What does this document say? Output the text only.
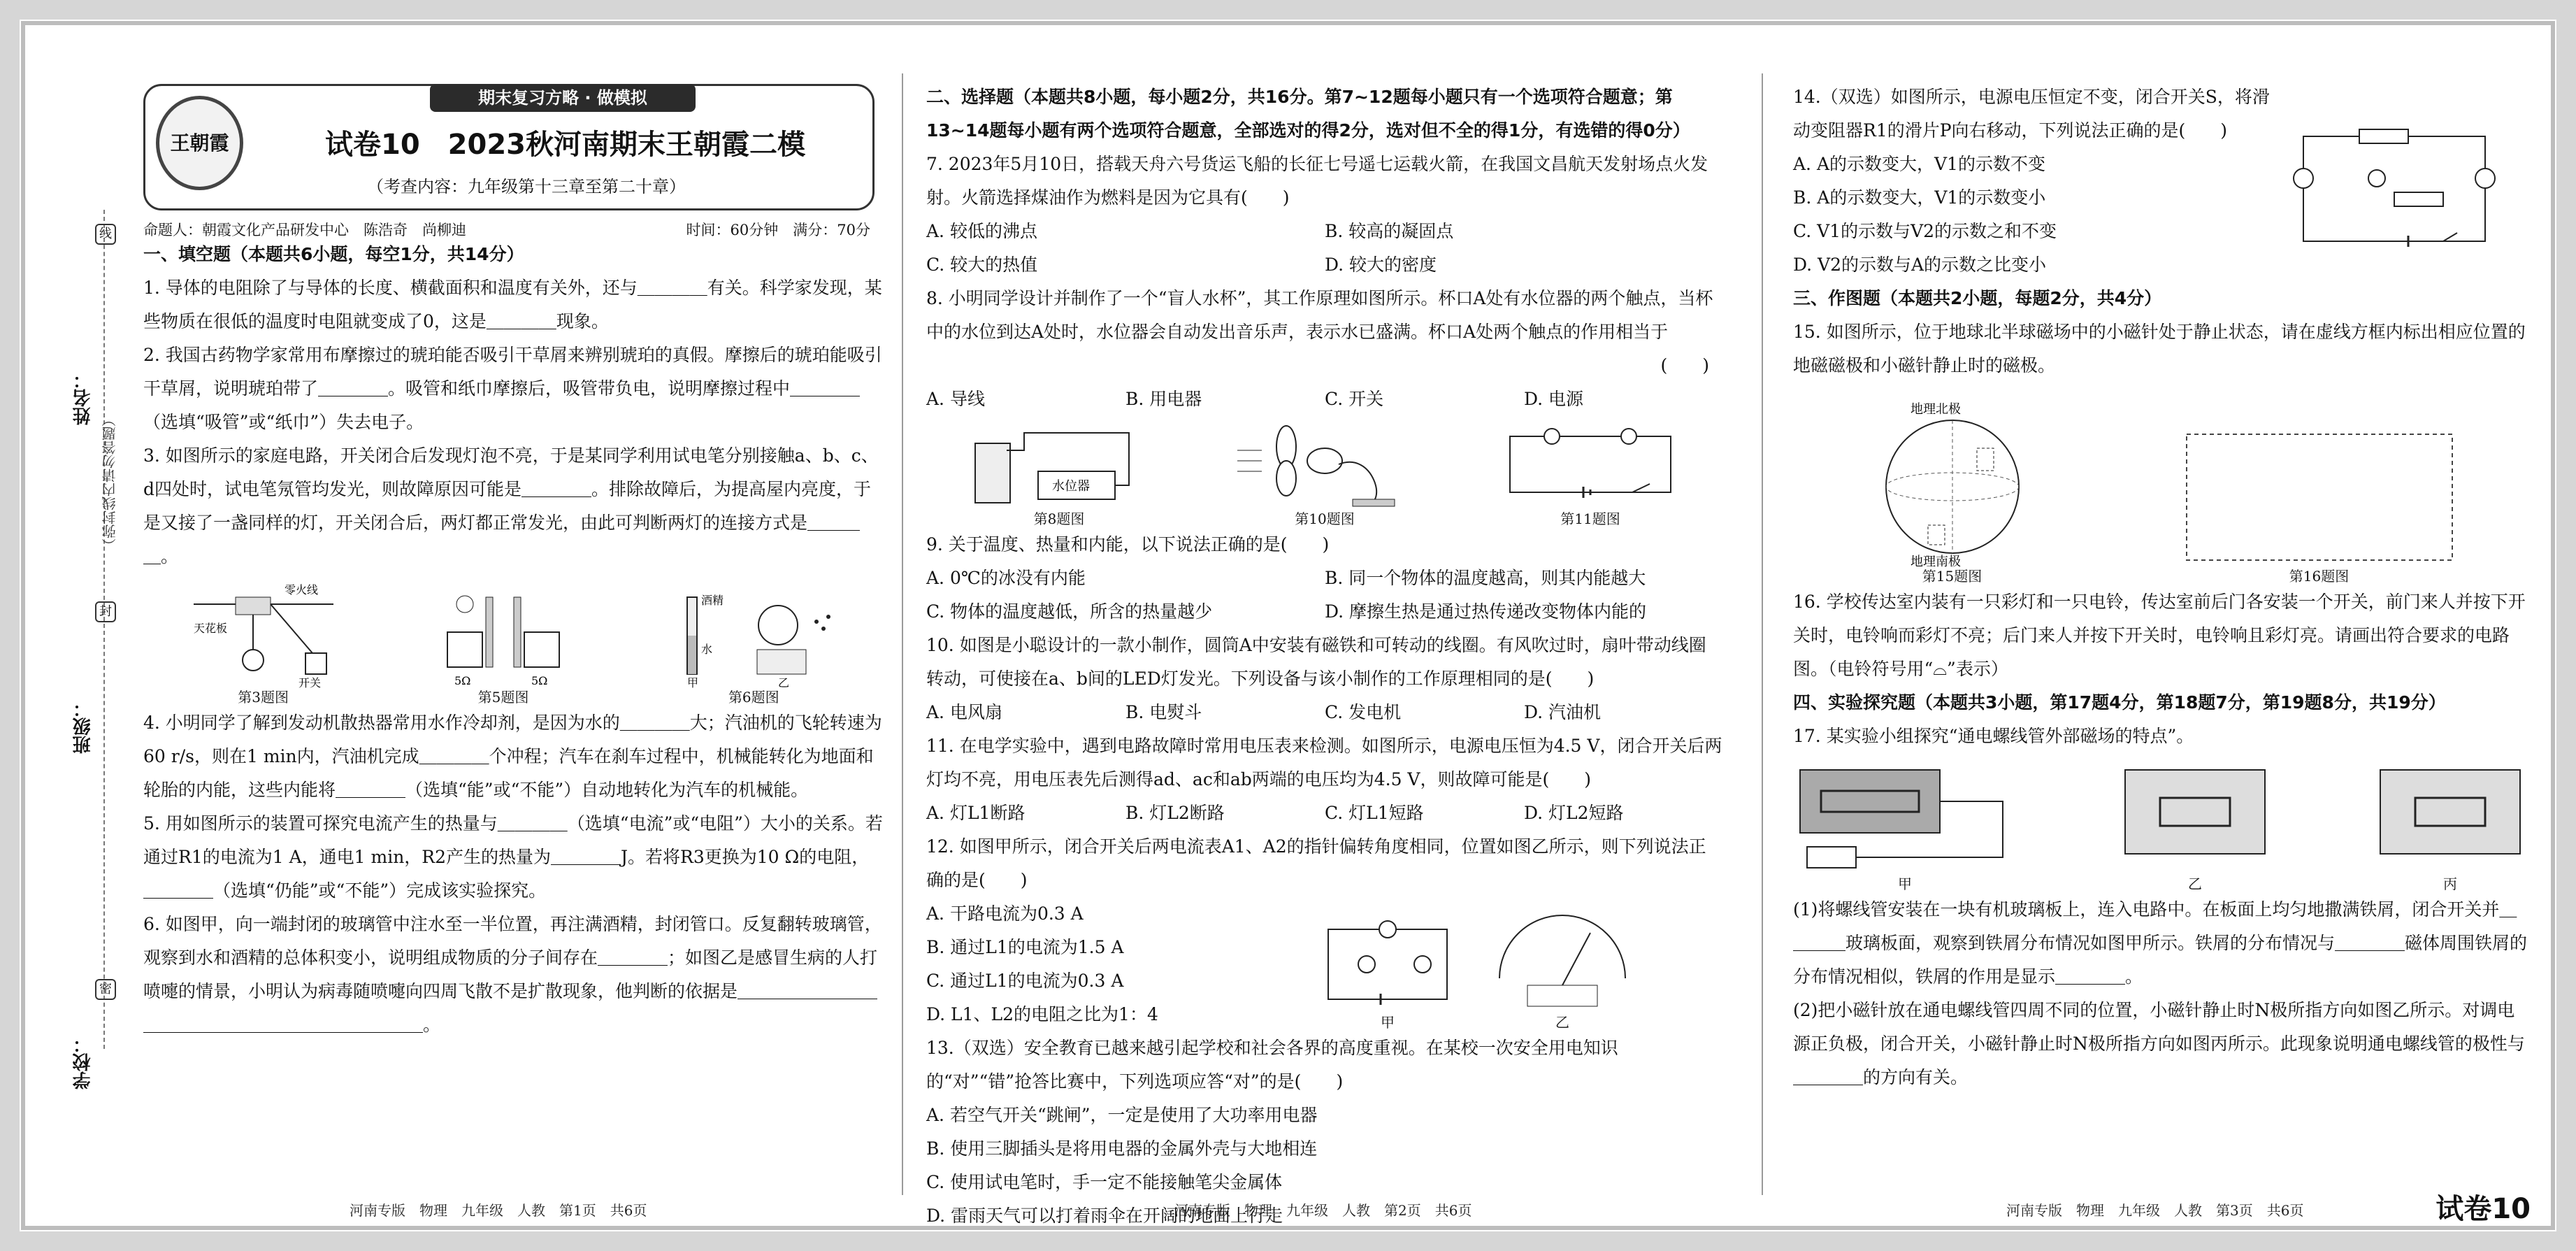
线
封
密
姓名：
（弥封线内请勿答题）
班级：
学校：
期末复习方略 · 做模拟
王朝霞	试卷10　2023秋河南期末王朝霞二模
（考查内容：九年级第十三章至第二十章）
命题人：朝霞文化产品研发中心　陈浩奇　尚柳迪	时间：60分钟　满分：70分
一、填空题（本题共6小题，每空1分，共14分）

1. 导体的电阻除了与导体的长度、横截面积和温度有关外，还与＿＿＿＿有关。科学家发现，某些物质在很低的温度时电阻就变成了0，这是＿＿＿＿现象。

2. 我国古药物学家常用布摩擦过的琥珀能否吸引干草屑来辨别琥珀的真假。摩擦后的琥珀能吸引干草屑，说明琥珀带了＿＿＿＿。吸管和纸巾摩擦后，吸管带负电，说明摩擦过程中＿＿＿＿（选填“吸管”或“纸巾”）失去电子。

3. 如图所示的家庭电路，开关闭合后发现灯泡不亮，于是某同学利用试电笔分别接触a、b、c、d四处时，试电笔氖管均发光，则故障原因可能是＿＿＿＿。排除故障后，为提高屋内亮度，于是又接了一盏同样的灯，开关闭合后，两灯都正常发光，由此可判断两灯的连接方式是＿＿＿＿。

天花板
零火线
开关
第3题图
5Ω	5Ω
第5题图
酒精
水
甲	乙
第6题图

4. 小明同学了解到发动机散热器常用水作冷却剂，是因为水的＿＿＿＿大；汽油机的飞轮转速为60 r/s，则在1 min内，汽油机完成＿＿＿＿个冲程；汽车在刹车过程中，机械能转化为地面和轮胎的内能，这些内能将＿＿＿＿（选填“能”或“不能”）自动地转化为汽车的机械能。

5. 用如图所示的装置可探究电流产生的热量与＿＿＿＿（选填“电流”或“电阻”）大小的关系。若通过R1的电流为1 A，通电1 min，R2产生的热量为＿＿＿＿J。若将R3更换为10 Ω的电阻，＿＿＿＿（选填“仍能”或“不能”）完成该实验探究。

6. 如图甲，向一端封闭的玻璃管中注水至一半位置，再注满酒精，封闭管口。反复翻转玻璃管，观察到水和酒精的总体积变小，说明组成物质的分子间存在＿＿＿＿；如图乙是感冒生病的人打喷嚏的情景，小明认为病毒随喷嚏向四周飞散不是扩散现象，他判断的依据是＿＿＿＿＿＿＿＿＿＿＿＿＿＿＿＿＿＿＿＿＿＿＿＿。

河南专版　物理　九年级　人教　第1页　共6页
二、选择题（本题共8小题，每小题2分，共16分。第7~12题每小题只有一个选项符合题意；第13~14题每小题有两个选项符合题意，全部选对的得2分，选对但不全的得1分，有选错的得0分）

7. 2023年5月10日，搭载天舟六号货运飞船的长征七号遥七运载火箭，在我国文昌航天发射场点火发射。火箭选择煤油作为燃料是因为它具有(　　)

A. 较低的沸点	B. 较高的凝固点
C. 较大的热值	D. 较大的密度

8. 小明同学设计并制作了一个“盲人水杯”，其工作原理如图所示。杯口A处有水位器的两个触点，当杯中的水位到达A处时，水位器会自动发出音乐声，表示水已盛满。杯口A处两个触点的作用相当于

(　　)
A. 导线	B. 用电器	C. 开关	D. 电源
水位器
第8题图	第10题图	第11题图

9. 关于温度、热量和内能，以下说法正确的是(　　)

A. 0℃的冰没有内能	B. 同一个物体的温度越高，则其内能越大
C. 物体的温度越低，所含的热量越少	D. 摩擦生热是通过热传递改变物体内能的

10. 如图是小聪设计的一款小制作，圆筒A中安装有磁铁和可转动的线圈。有风吹过时，扇叶带动线圈转动，可使接在a、b间的LED灯发光。下列设备与该小制作的工作原理相同的是(　　)

A. 电风扇	B. 电熨斗	C. 发电机	D. 汽油机

11. 在电学实验中，遇到电路故障时常用电压表来检测。如图所示，电源电压恒为4.5 V，闭合开关后两灯均不亮，用电压表先后测得ad、ac和ab两端的电压均为4.5 V，则故障可能是(　　)

A. 灯L1断路	B. 灯L2断路	C. 灯L1短路	D. 灯L2短路

12. 如图甲所示，闭合开关后两电流表A1、A2的指针偏转角度相同，位置如图乙所示，则下列说法正确的是(　　)

A. 干路电流为0.3 A
B. 通过L1的电流为1.5 A
C. 通过L1的电流为0.3 A
D. L1、L2的电阻之比为1：4	甲	乙

13.（双选）安全教育已越来越引起学校和社会各界的高度重视。在某校一次安全用电知识的“对”“错”抢答比赛中，下列选项应答“对”的是(　　)

A. 若空气开关“跳闸”，一定是使用了大功率用电器
B. 使用三脚插头是将用电器的金属外壳与大地相连
C. 使用试电笔时，手一定不能接触笔尖金属体
D. 雷雨天气可以打着雨伞在开阔的地面上行走
河南专版　物理　九年级　人教　第2页　共6页

14.（双选）如图所示，电源电压恒定不变，闭合开关S，将滑动变阻器R1的滑片P向右移动，下列说法正确的是(　　)

A. A的示数变大，V1的示数不变
B. A的示数变大，V1的示数变小
C. V1的示数与V2的示数之和不变
D. V2的示数与A的示数之比变小
三、作图题（本题共2小题，每题2分，共4分）

15. 如图所示，位于地球北半球磁场中的小磁针处于静止状态，请在虚线方框内标出相应位置的地磁磁极和小磁针静止时的磁极。

地理北极
地理南极
第15题图	第16题图

16. 学校传达室内装有一只彩灯和一只电铃，传达室前后门各安装一个开关，前门来人并按下开关时，电铃响而彩灯不亮；后门来人并按下开关时，电铃响且彩灯亮。请画出符合要求的电路图。（电铃符号用“⌓”表示）

四、实验探究题（本题共3小题，第17题4分，第18题7分，第19题8分，共19分）

17. 某实验小组探究“通电螺线管外部磁场的特点”。

甲	乙	丙

(1)将螺线管安装在一块有机玻璃板上，连入电路中。在板面上均匀地撒满铁屑，闭合开关并＿＿＿＿玻璃板面，观察到铁屑分布情况如图甲所示。铁屑的分布情况与＿＿＿＿磁体周围铁屑的分布情况相似，铁屑的作用是显示＿＿＿＿。

(2)把小磁针放在通电螺线管四周不同的位置，小磁针静止时N极所指方向如图乙所示。对调电源正负极，闭合开关，小磁针静止时N极所指方向如图丙所示。此现象说明通电螺线管的极性与＿＿＿＿的方向有关。

河南专版　物理　九年级　人教　第3页　共6页	试卷10
